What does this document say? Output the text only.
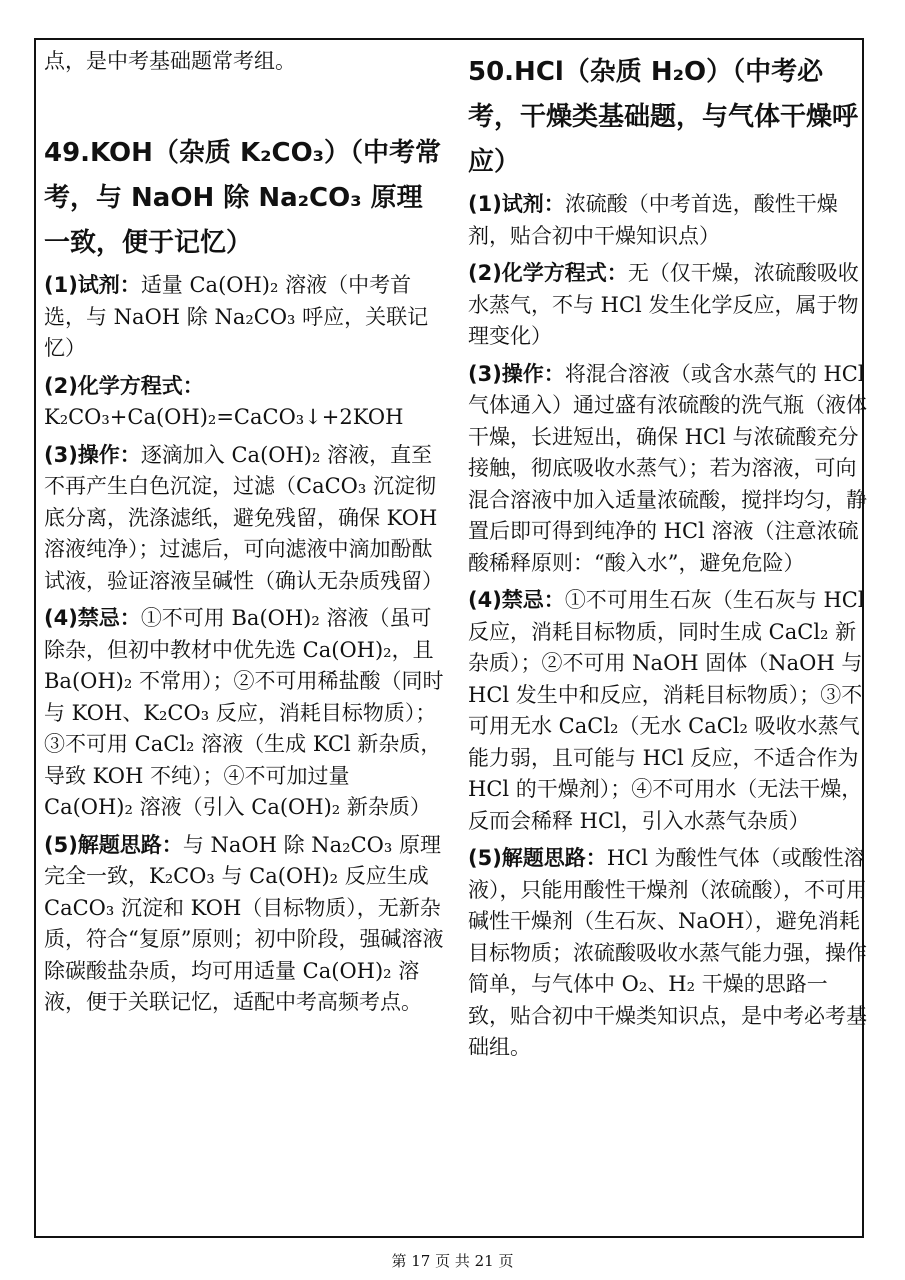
点，是中考基础题常考组。

49.KOH（杂质 K₂CO₃）（中考常考，与 NaOH 除 Na₂CO₃ 原理一致，便于记忆）

(1)试剂：适量 Ca(OH)₂ 溶液（中考首选，与 NaOH 除 Na₂CO₃ 呼应，关联记忆）

(2)化学方程式：K₂CO₃+Ca(OH)₂=CaCO₃↓+2KOH

(3)操作：逐滴加入 Ca(OH)₂ 溶液，直至不再产生白色沉淀，过滤（CaCO₃ 沉淀彻底分离，洗涤滤纸，避免残留，确保 KOH 溶液纯净）；过滤后，可向滤液中滴加酚酞试液，验证溶液呈碱性（确认无杂质残留）

(4)禁忌：①不可用 Ba(OH)₂ 溶液（虽可除杂，但初中教材中优先选 Ca(OH)₂，且 Ba(OH)₂ 不常用）；②不可用稀盐酸（同时与 KOH、K₂CO₃ 反应，消耗目标物质）；③不可用 CaCl₂ 溶液（生成 KCl 新杂质，导致 KOH 不纯）；④不可加过量 Ca(OH)₂ 溶液（引入 Ca(OH)₂ 新杂质）

(5)解题思路：与 NaOH 除 Na₂CO₃ 原理完全一致，K₂CO₃ 与 Ca(OH)₂ 反应生成 CaCO₃ 沉淀和 KOH（目标物质），无新杂质，符合“复原”原则；初中阶段，强碱溶液除碳酸盐杂质，均可用适量 Ca(OH)₂ 溶液，便于关联记忆，适配中考高频考点。

50.HCl（杂质 H₂O）（中考必考，干燥类基础题，与气体干燥呼应）

(1)试剂：浓硫酸（中考首选，酸性干燥剂，贴合初中干燥知识点）

(2)化学方程式：无（仅干燥，浓硫酸吸收水蒸气，不与 HCl 发生化学反应，属于物理变化）

(3)操作：将混合溶液（或含水蒸气的 HCl 气体通入）通过盛有浓硫酸的洗气瓶（液体干燥，长进短出，确保 HCl 与浓硫酸充分接触，彻底吸收水蒸气）；若为溶液，可向混合溶液中加入适量浓硫酸，搅拌均匀，静置后即可得到纯净的 HCl 溶液（注意浓硫酸稀释原则：“酸入水”，避免危险）

(4)禁忌：①不可用生石灰（生石灰与 HCl 反应，消耗目标物质，同时生成 CaCl₂ 新杂质）；②不可用 NaOH 固体（NaOH 与 HCl 发生中和反应，消耗目标物质）；③不可用无水 CaCl₂（无水 CaCl₂ 吸收水蒸气能力弱，且可能与 HCl 反应，不适合作为 HCl 的干燥剂）；④不可用水（无法干燥，反而会稀释 HCl，引入水蒸气杂质）

(5)解题思路：HCl 为酸性气体（或酸性溶液），只能用酸性干燥剂（浓硫酸），不可用碱性干燥剂（生石灰、NaOH），避免消耗目标物质；浓硫酸吸收水蒸气能力强，操作简单，与气体中 O₂、H₂ 干燥的思路一致，贴合初中干燥类知识点，是中考必考基础组。

第 17 页 共 21 页
